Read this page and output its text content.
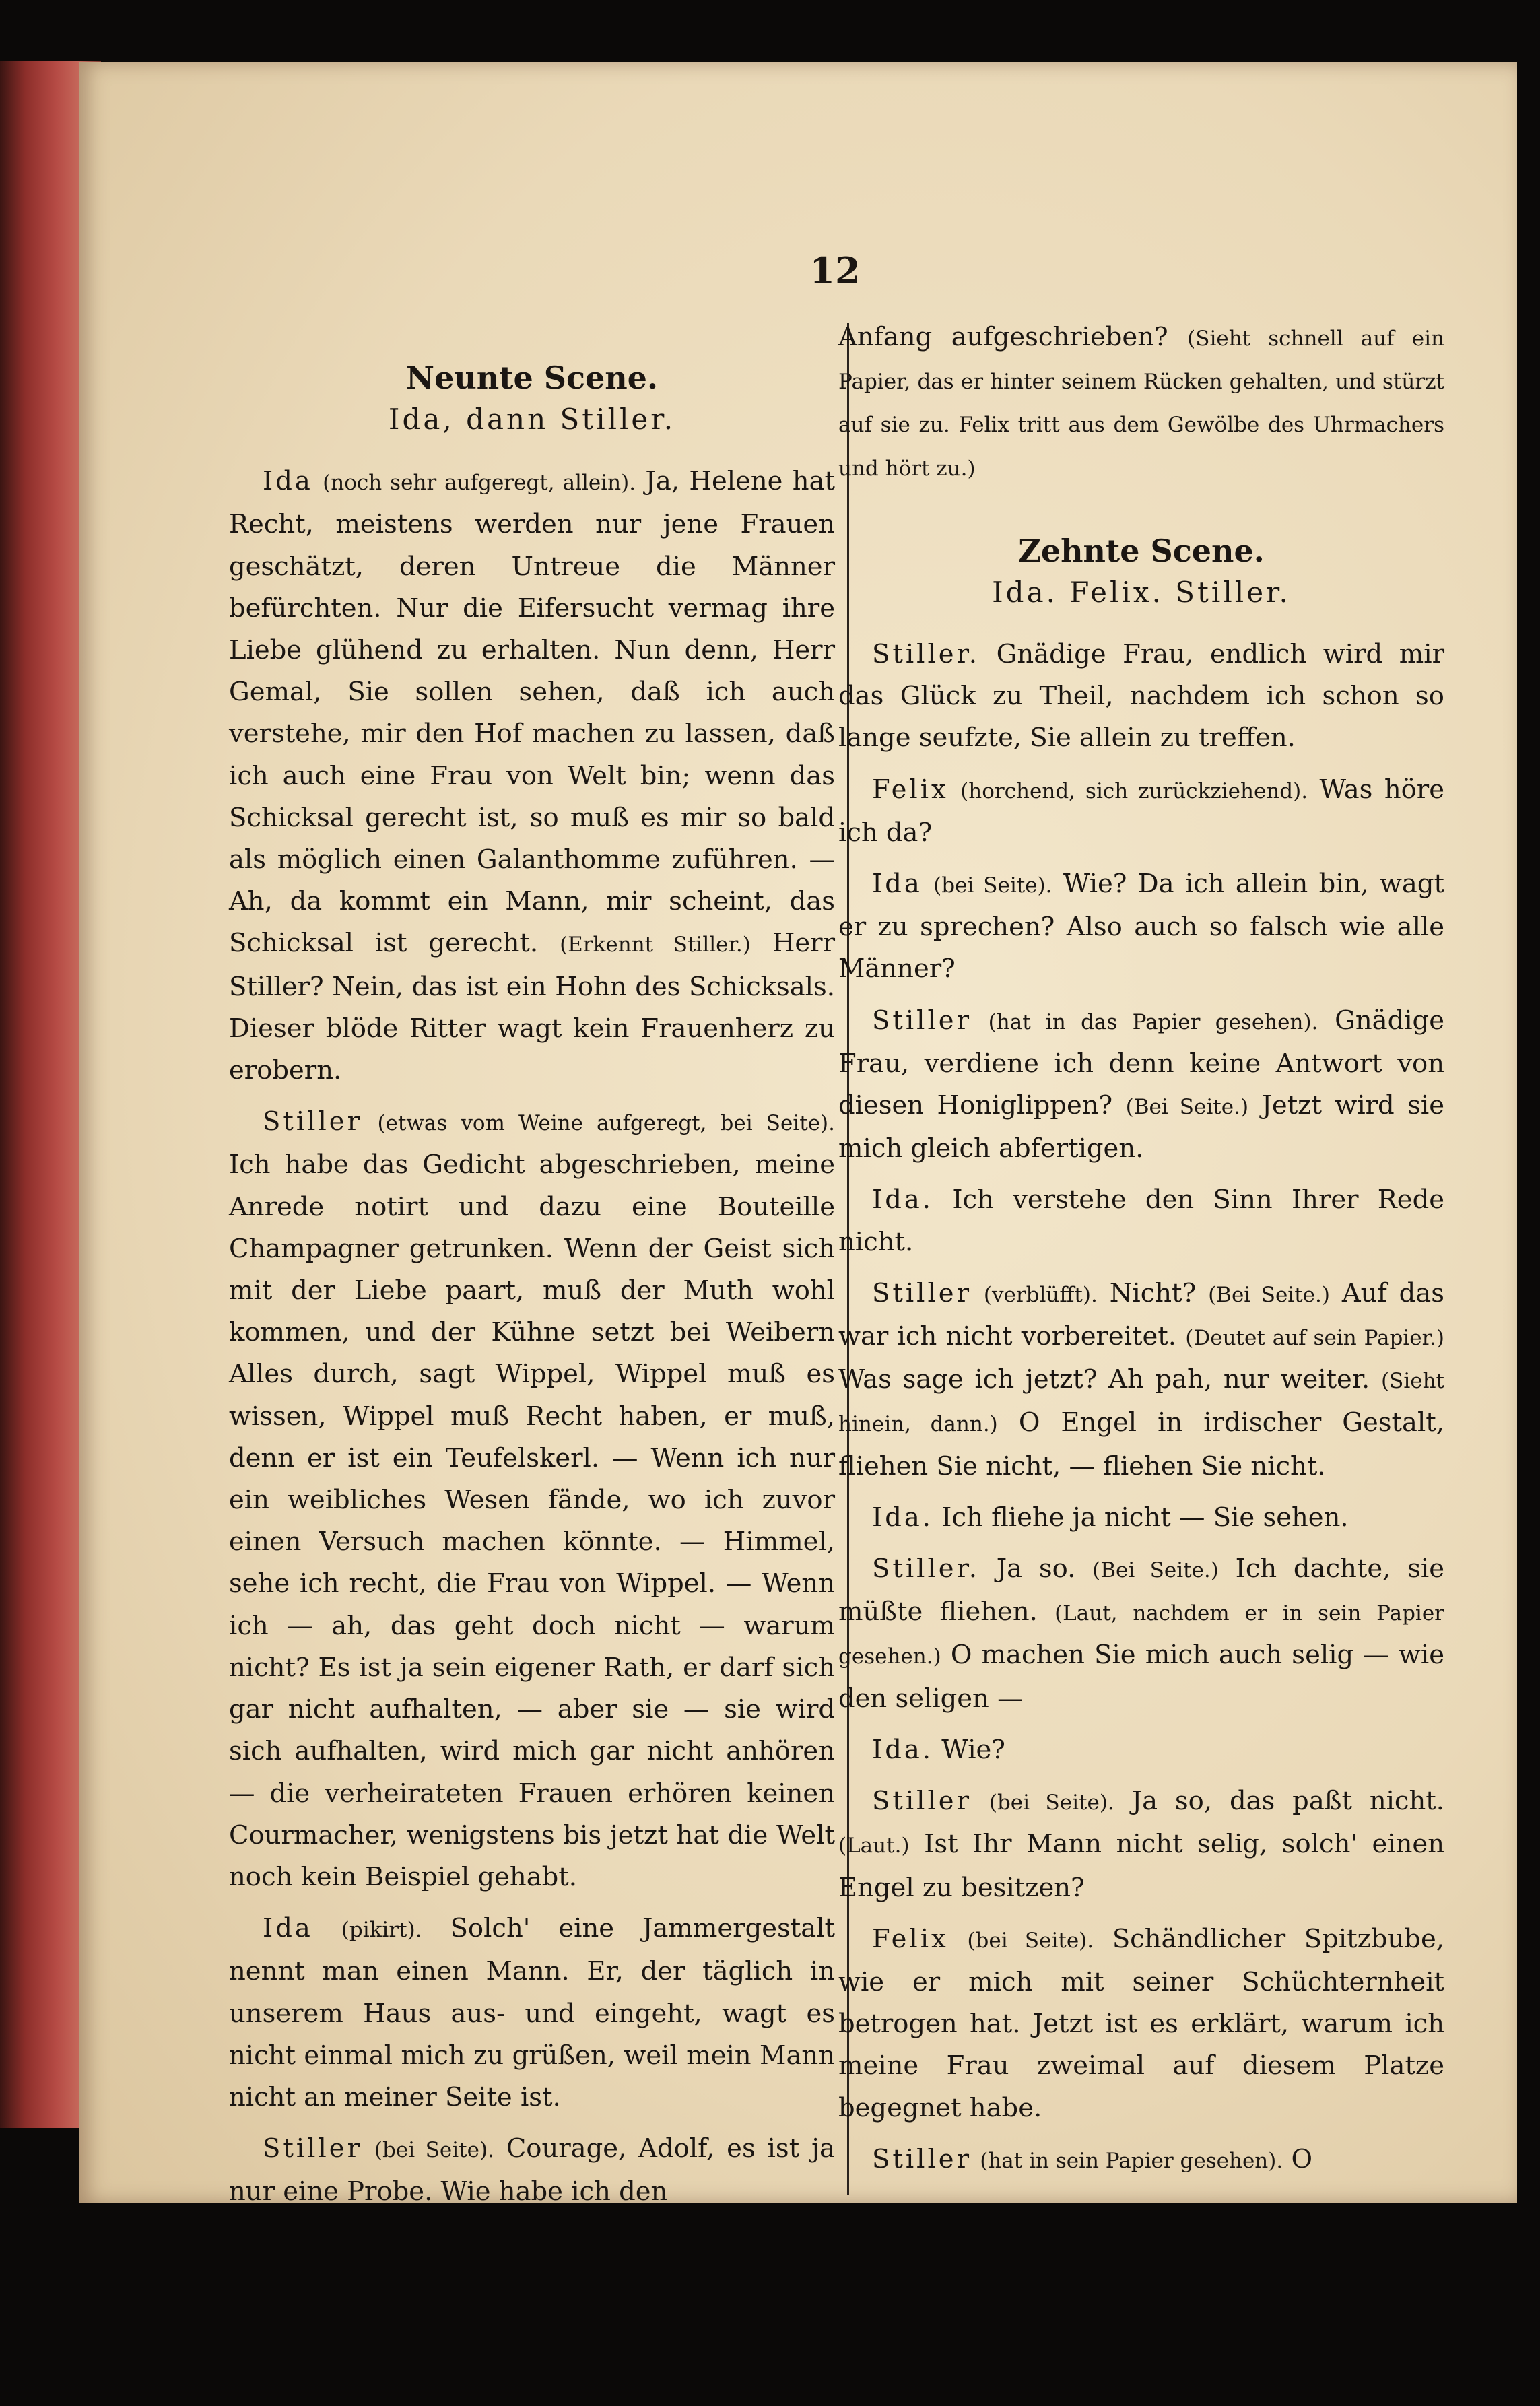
12

Neunte Scene.

Ida, dann Stiller.

Ida (noch sehr aufgeregt, allein). Ja, Helene hat Recht, meistens werden nur jene Frauen geschätzt, deren Untreue die Männer befürchten. Nur die Eifersucht vermag ihre Liebe glühend zu erhalten. Nun denn, Herr Gemal, Sie sollen sehen, daß ich auch verstehe, mir den Hof machen zu lassen, daß ich auch eine Frau von Welt bin; wenn das Schicksal gerecht ist, so muß es mir so bald als möglich einen Galanthomme zuführen. — Ah, da kommt ein Mann, mir scheint, das Schicksal ist gerecht. (Erkennt Stiller.) Herr Stiller? Nein, das ist ein Hohn des Schicksals. Dieser blöde Ritter wagt kein Frauenherz zu erobern.

Stiller (etwas vom Weine aufgeregt, bei Seite). Ich habe das Gedicht abgeschrieben, meine Anrede notirt und dazu eine Bouteille Champagner getrunken. Wenn der Geist sich mit der Liebe paart, muß der Muth wohl kommen, und der Kühne setzt bei Weibern Alles durch, sagt Wippel, Wippel muß es wissen, Wippel muß Recht haben, er muß, denn er ist ein Teufelskerl. — Wenn ich nur ein weibliches Wesen fände, wo ich zuvor einen Versuch machen könnte. — Himmel, sehe ich recht, die Frau von Wippel. — Wenn ich — ah, das geht doch nicht — warum nicht? Es ist ja sein eigener Rath, er darf sich gar nicht aufhalten, — aber sie — sie wird sich aufhalten, wird mich gar nicht anhören — die verheirateten Frauen erhören keinen Courmacher, wenigstens bis jetzt hat die Welt noch kein Beispiel gehabt.

Ida (pikirt). Solch' eine Jammergestalt nennt man einen Mann. Er, der täglich in unserem Haus aus- und eingeht, wagt es nicht einmal mich zu grüßen, weil mein Mann nicht an meiner Seite ist.

Stiller (bei Seite). Courage, Adolf, es ist ja nur eine Probe. Wie habe ich den

Anfang aufgeschrieben? (Sieht schnell auf ein Papier, das er hinter seinem Rücken gehalten, und stürzt auf sie zu. Felix tritt aus dem Gewölbe des Uhrmachers und hört zu.)

Zehnte Scene.

Ida. Felix. Stiller.

Stiller. Gnädige Frau, endlich wird mir das Glück zu Theil, nachdem ich schon so lange seufzte, Sie allein zu treffen.

Felix (horchend, sich zurückziehend). Was höre ich da?

Ida (bei Seite). Wie? Da ich allein bin, wagt er zu sprechen? Also auch so falsch wie alle Männer?

Stiller (hat in das Papier gesehen). Gnädige Frau, verdiene ich denn keine Antwort von diesen Honiglippen? (Bei Seite.) Jetzt wird sie mich gleich abfertigen.

Ida. Ich verstehe den Sinn Ihrer Rede nicht.

Stiller (verblüfft). Nicht? (Bei Seite.) Auf das war ich nicht vorbereitet. (Deutet auf sein Papier.) Was sage ich jetzt? Ah pah, nur weiter. (Sieht hinein, dann.) O Engel in irdischer Gestalt, fliehen Sie nicht, — fliehen Sie nicht.

Ida. Ich fliehe ja nicht — Sie sehen.

Stiller. Ja so. (Bei Seite.) Ich dachte, sie müßte fliehen. (Laut, nachdem er in sein Papier gesehen.) O machen Sie mich auch selig — wie den seligen —

Ida. Wie?

Stiller (bei Seite). Ja so, das paßt nicht. (Laut.) Ist Ihr Mann nicht selig, solch' einen Engel zu besitzen?

Felix (bei Seite). Schändlicher Spitzbube, wie er mich mit seiner Schüchternheit betrogen hat. Jetzt ist es erklärt, warum ich meine Frau zweimal auf diesem Platze begegnet habe.

Stiller (hat in sein Papier gesehen). O
